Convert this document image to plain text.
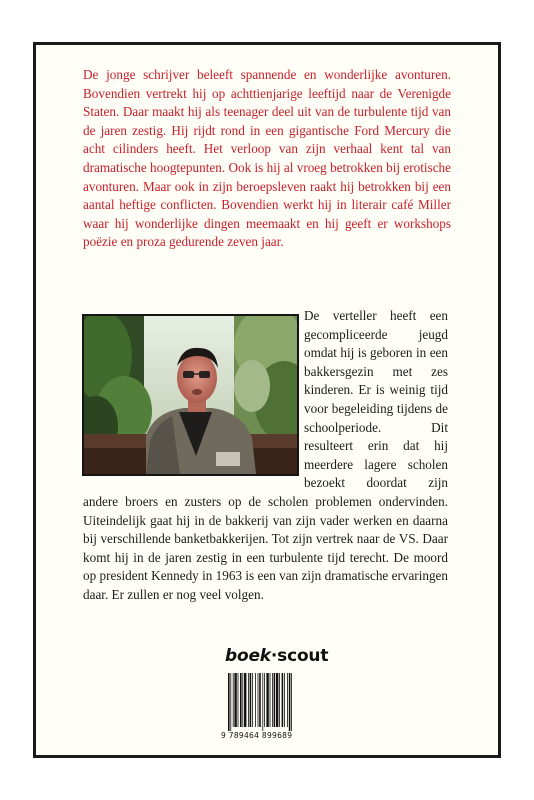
De jonge schrijver beleeft spannende en wonderlijke avonturen. Bovendien vertrekt hij op achttienjarige leeftijd naar de Verenigde Staten. Daar maakt hij als teenager deel uit van de turbulente tijd van de jaren zestig. Hij rijdt rond in een gigantische Ford Mercury die acht cilinders heeft. Het verloop van zijn verhaal kent tal van dramatische hoogtepunten. Ook is hij al vroeg betrokken bij erotische avonturen. Maar ook in zijn beroepsleven raakt hij betrokken bij een aantal heftige conflicten. Bovendien werkt hij in literair café Miller waar hij wonderlijke dingen meemaakt en hij geeft er workshops poëzie en proza gedurende zeven jaar.

De verteller heeft een gecompliceerde jeugd omdat hij is geboren in een bakkersgezin met zes kinderen. Er is weinig tijd voor begeleiding tijdens de schoolperiode. Dit resulteert erin dat hij meerdere lagere scholen bezoekt doordat zijn andere broers en zusters op de scholen problemen ondervinden. Uiteindelijk gaat hij in de bakkerij van zijn vader werken en daarna bij verschillende banketbakkerijen. Tot zijn vertrek naar de VS. Daar komt hij in de jaren zestig in een turbulente tijd terecht. De moord op president Kennedy in 1963 is een van zijn dramatische ervaringen daar. Er zullen er nog veel volgen.

boek·scout
9 789464 899689
